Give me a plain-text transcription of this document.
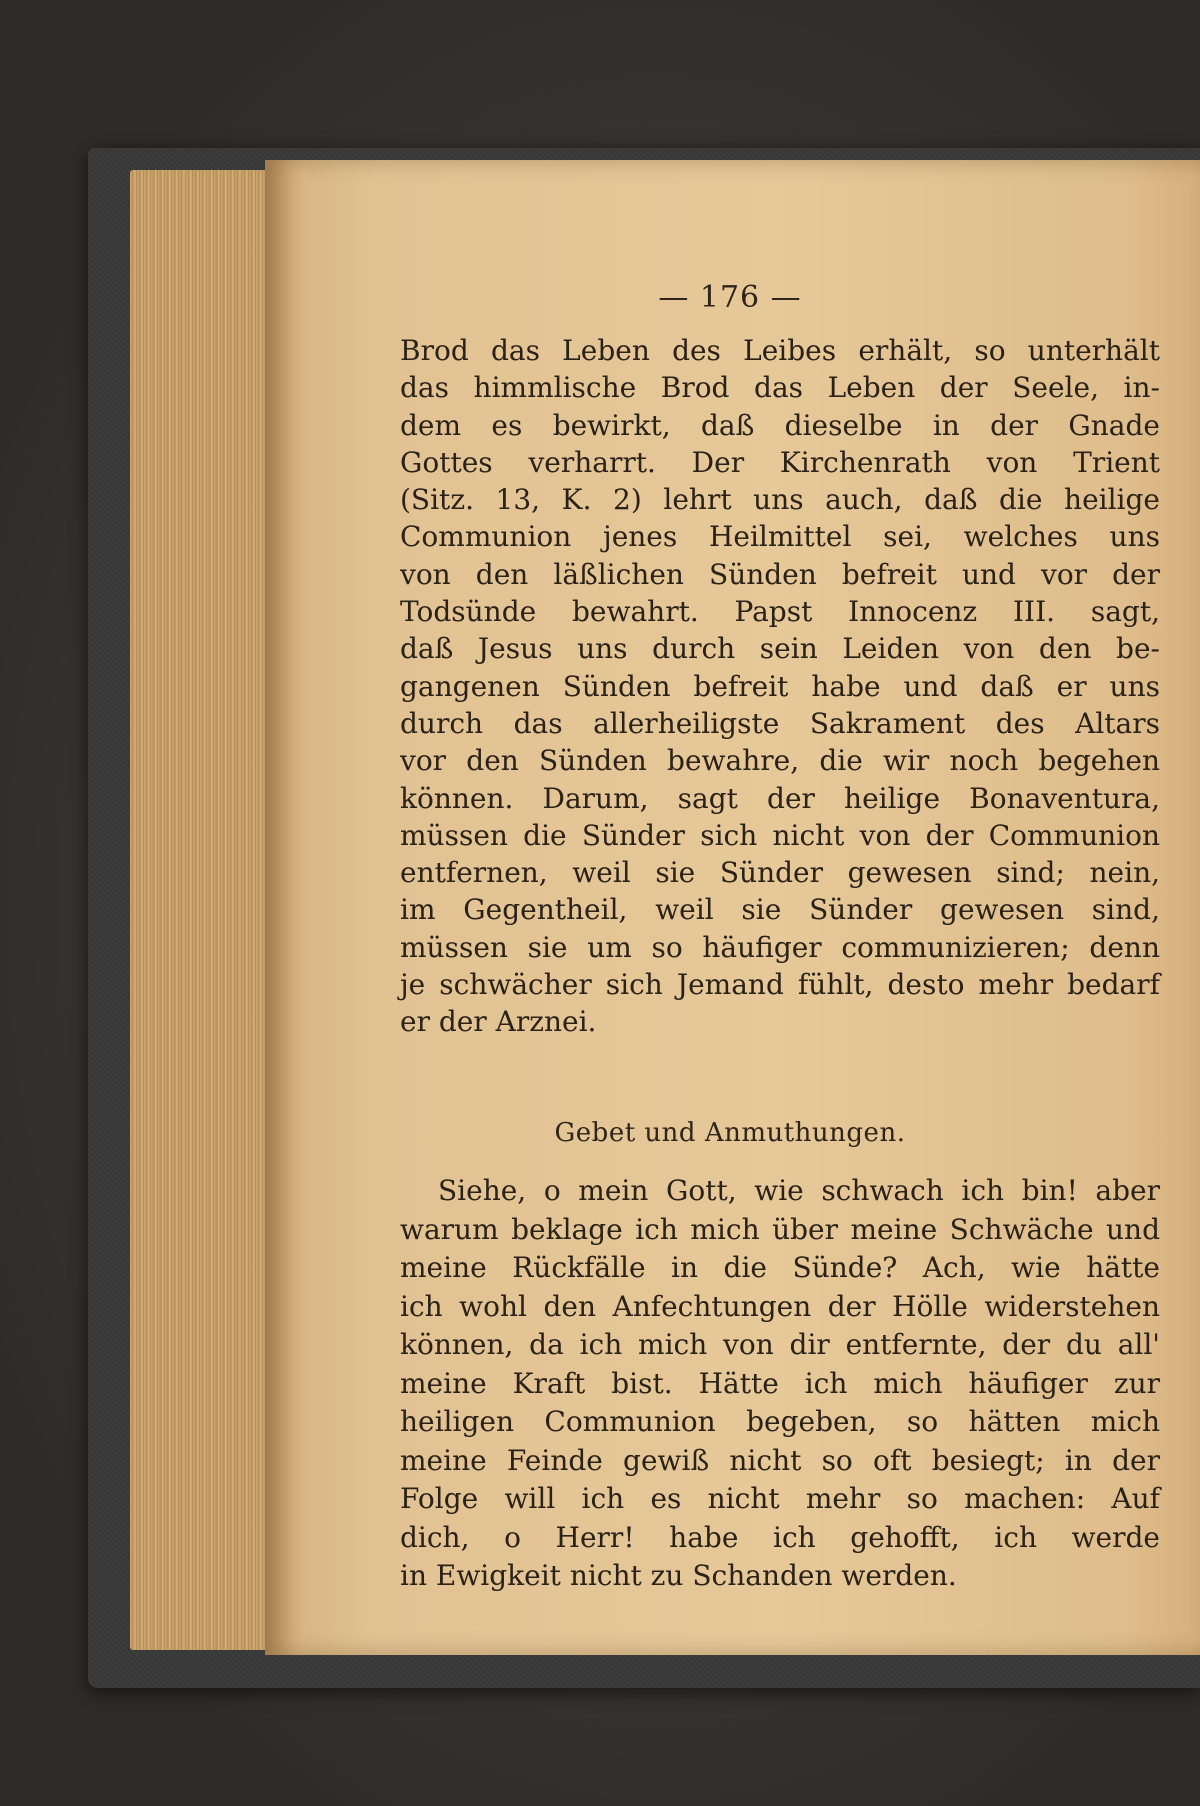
— 176 —
Brod das Leben des Leibes erhält, so unterhält
das himmlische Brod das Leben der Seele, in-
dem es bewirkt, daß dieselbe in der Gnade
Gottes verharrt. Der Kirchenrath von Trient
(Sitz. 13, K. 2) lehrt uns auch, daß die heilige
Communion jenes Heilmittel sei, welches uns
von den läßlichen Sünden befreit und vor der
Todsünde bewahrt. Papst Innocenz III. sagt,
daß Jesus uns durch sein Leiden von den be-
gangenen Sünden befreit habe und daß er uns
durch das allerheiligste Sakrament des Altars
vor den Sünden bewahre, die wir noch begehen
können. Darum, sagt der heilige Bonaventura,
müssen die Sünder sich nicht von der Communion
entfernen, weil sie Sünder gewesen sind; nein,
im Gegentheil, weil sie Sünder gewesen sind,
müssen sie um so häufiger communizieren; denn
je schwächer sich Jemand fühlt, desto mehr bedarf
er der Arznei.
Gebet und Anmuthungen.
Siehe, o mein Gott, wie schwach ich bin! aber
warum beklage ich mich über meine Schwäche und
meine Rückfälle in die Sünde? Ach, wie hätte
ich wohl den Anfechtungen der Hölle widerstehen
können, da ich mich von dir entfernte, der du all'
meine Kraft bist. Hätte ich mich häufiger zur
heiligen Communion begeben, so hätten mich
meine Feinde gewiß nicht so oft besiegt; in der
Folge will ich es nicht mehr so machen: Auf
dich, o Herr! habe ich gehofft, ich werde
in Ewigkeit nicht zu Schanden werden.
